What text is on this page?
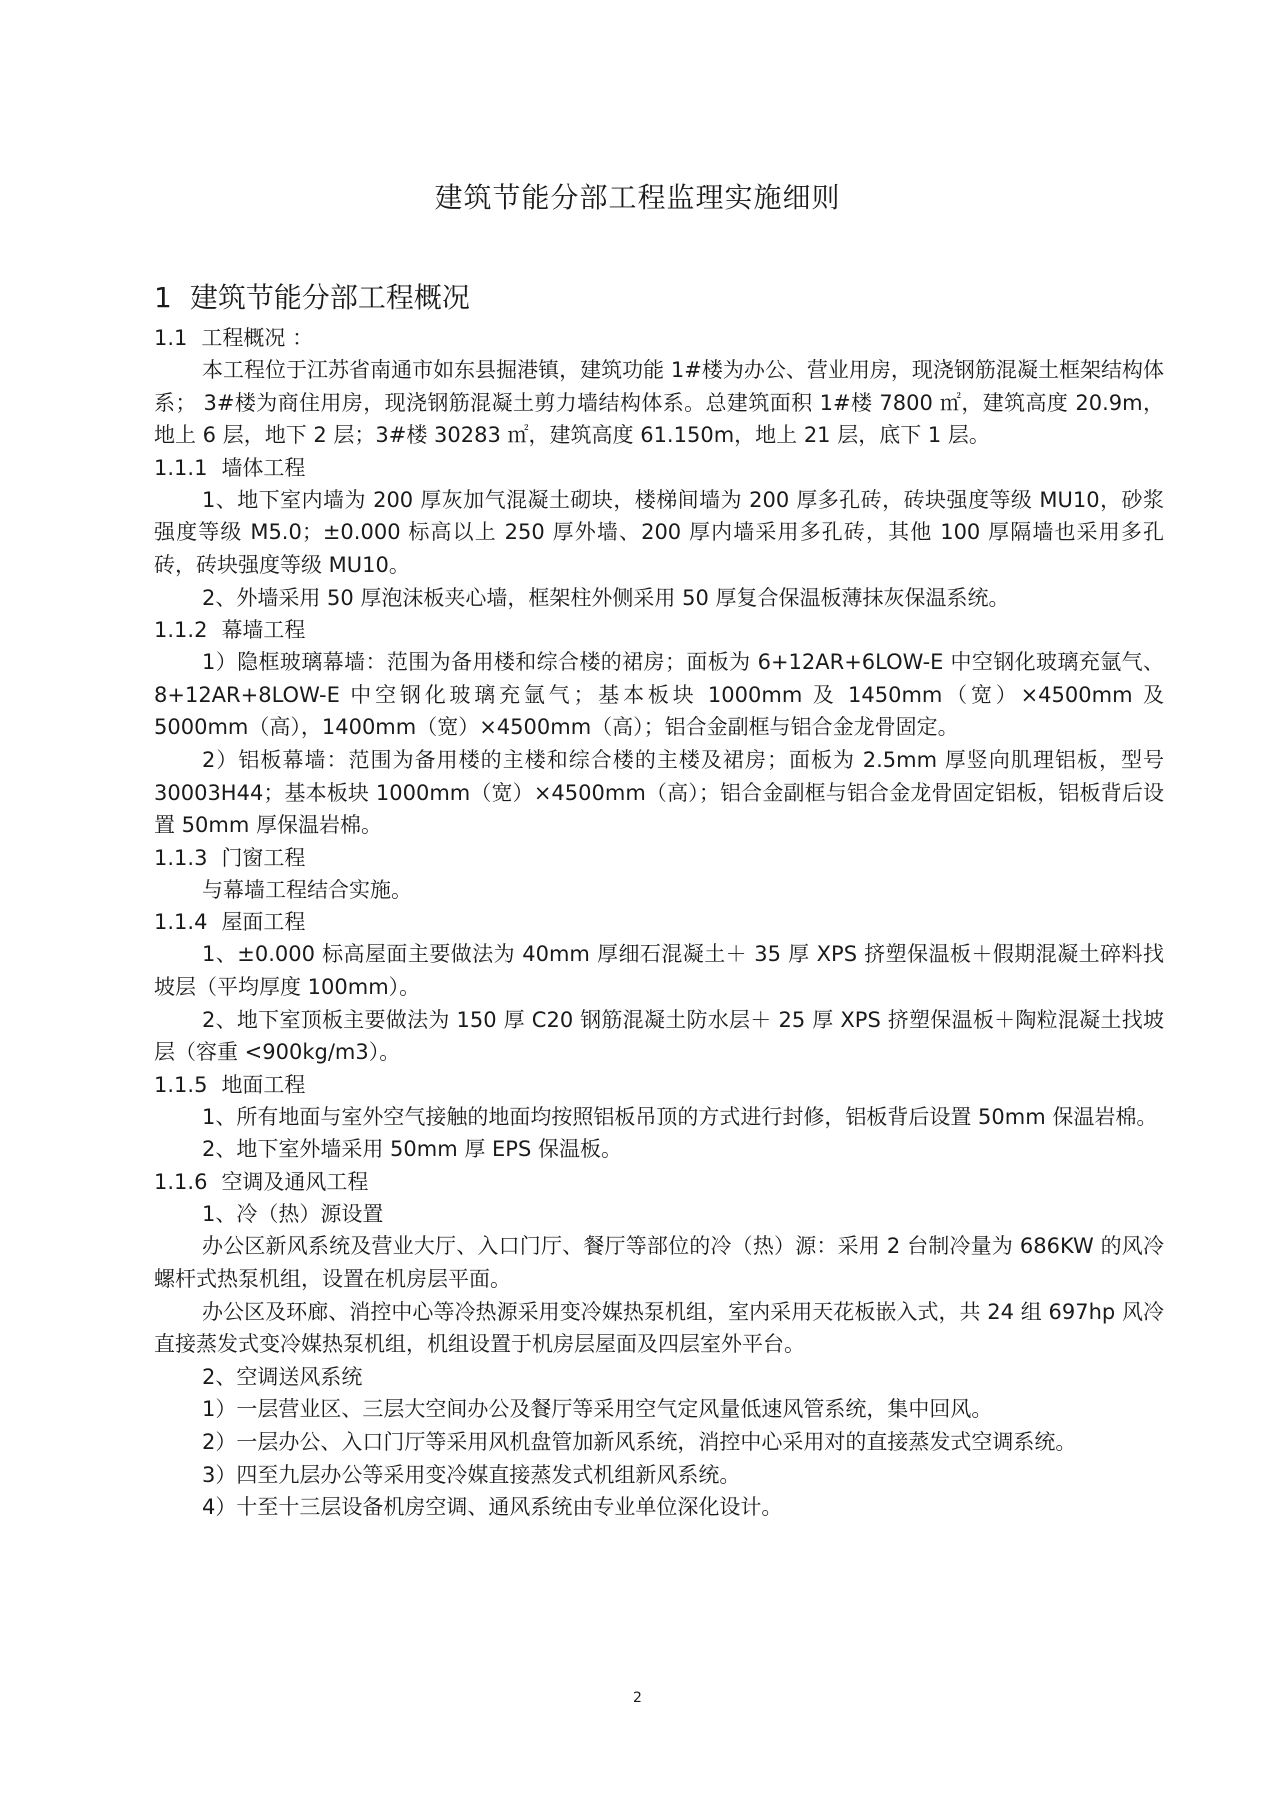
建筑节能分部工程监理实施细则
1 建筑节能分部工程概况
1.1 工程概况 ：

本工程位于江苏省南通市如东县掘港镇，建筑功能 1#楼为办公、营业用房，现浇钢筋混凝土框架结构体系； 3#楼为商住用房，现浇钢筋混凝土剪力墙结构体系。总建筑面积 1#楼 7800 ㎡，建筑高度 20.9m，地上 6 层，地下 2 层；3#楼 30283 ㎡，建筑高度 61.150m，地上 21 层，底下 1 层。

1.1.1 墙体工程

1、地下室内墙为 200 厚灰加气混凝土砌块，楼梯间墙为 200 厚多孔砖，砖块强度等级 MU10，砂浆强度等级 M5.0；±0.000 标高以上 250 厚外墙、200 厚内墙采用多孔砖，其他 100 厚隔墙也采用多孔砖，砖块强度等级 MU10。

2、外墙采用 50 厚泡沫板夹心墙，框架柱外侧采用 50 厚复合保温板薄抹灰保温系统。

1.1.2 幕墙工程

1）隐框玻璃幕墙：范围为备用楼和综合楼的裙房；面板为 6+12AR+6LOW-E 中空钢化玻璃充氩气、8+12AR+8LOW-E 中空钢化玻璃充氩气；基本板块 1000mm 及 1450mm（宽）×4500mm 及 5000mm（高），1400mm（宽）×4500mm（高）；铝合金副框与铝合金龙骨固定。

2）铝板幕墙：范围为备用楼的主楼和综合楼的主楼及裙房；面板为 2.5mm 厚竖向肌理铝板，型号 30003H44；基本板块 1000mm（宽）×4500mm（高）；铝合金副框与铝合金龙骨固定铝板，铝板背后设置 50mm 厚保温岩棉。

1.1.3 门窗工程

与幕墙工程结合实施。

1.1.4 屋面工程

1、±0.000 标高屋面主要做法为 40mm 厚细石混凝土＋ 35 厚 XPS 挤塑保温板＋假期混凝土碎料找坡层（平均厚度 100mm）。

2、地下室顶板主要做法为 150 厚 C20 钢筋混凝土防水层＋ 25 厚 XPS 挤塑保温板＋陶粒混凝土找坡层（容重 <900kg/m3）。

1.1.5 地面工程

1、所有地面与室外空气接触的地面均按照铝板吊顶的方式进行封修，铝板背后设置 50mm 保温岩棉。

2、地下室外墙采用 50mm 厚 EPS 保温板。

1.1.6 空调及通风工程

1、冷（热）源设置

办公区新风系统及营业大厅、入口门厅、餐厅等部位的冷（热）源：采用 2 台制冷量为 686KW 的风冷螺杆式热泵机组，设置在机房层平面。

办公区及环廊、消控中心等冷热源采用变冷媒热泵机组，室内采用天花板嵌入式，共 24 组 697hp 风冷直接蒸发式变冷媒热泵机组，机组设置于机房层屋面及四层室外平台。

2、空调送风系统

1）一层营业区、三层大空间办公及餐厅等采用空气定风量低速风管系统，集中回风。

2）一层办公、入口门厅等采用风机盘管加新风系统，消控中心采用对的直接蒸发式空调系统。

3）四至九层办公等采用变冷媒直接蒸发式机组新风系统。

4）十至十三层设备机房空调、通风系统由专业单位深化设计。

2
